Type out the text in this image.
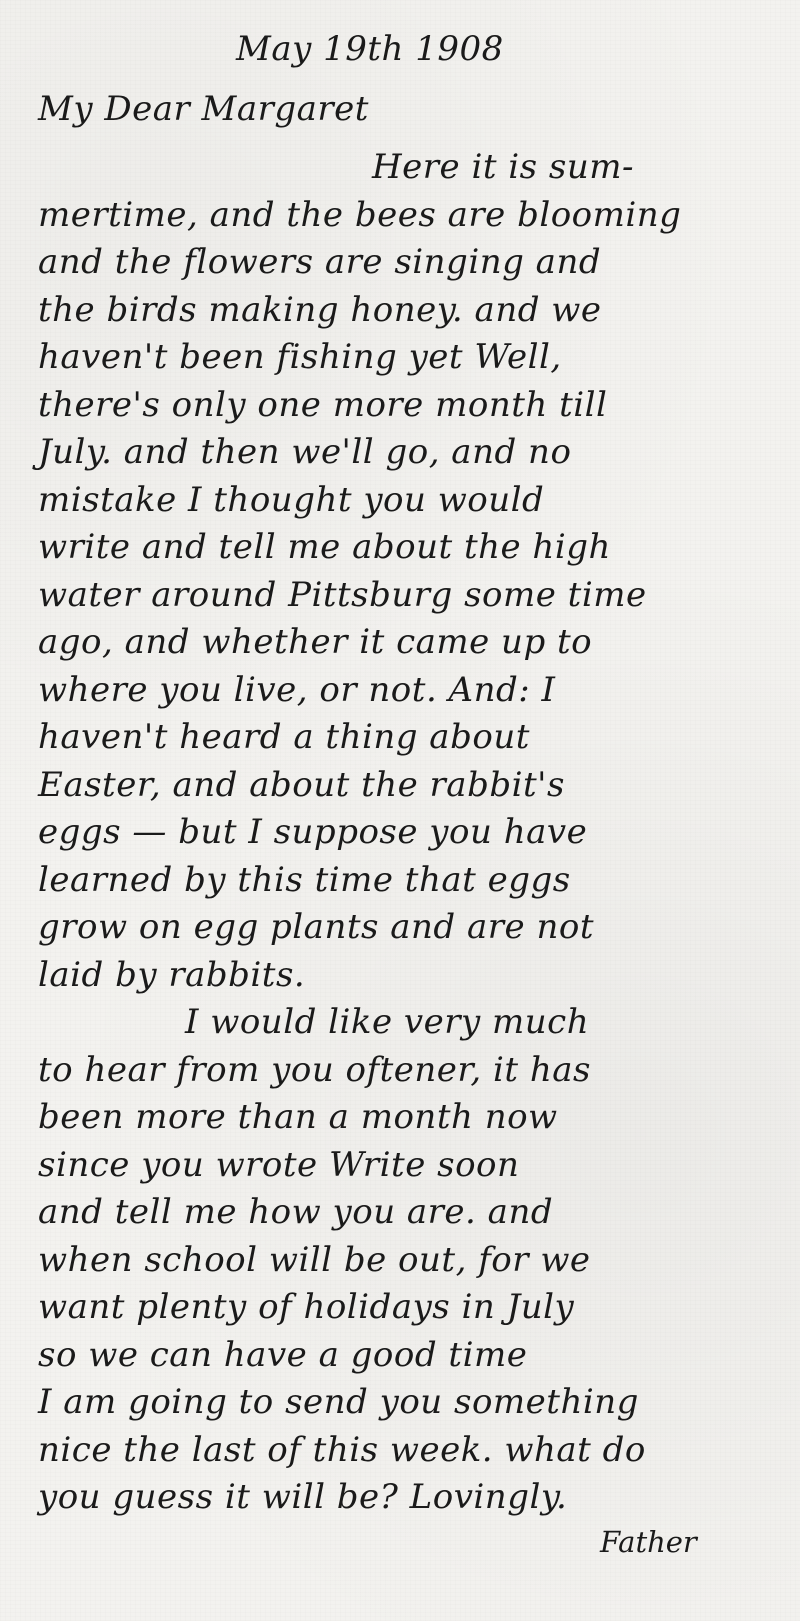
May 19th 1908
My Dear Margaret
Here it is sum-
mertime, and the bees are blooming
and the flowers are singing and
the birds making honey. and we
haven't been fishing yet Well,
there's only one more month till
July. and then we'll go, and no
mistake I thought you would
write and tell me about the high
water around Pittsburg some time
ago, and whether it came up to
where you live, or not. And: I
haven't heard a thing about
Easter, and about the rabbit's
eggs — but I suppose you have
learned by this time that eggs
grow on egg plants and are not
laid by rabbits.
I would like very much
to hear from you oftener, it has
been more than a month now
since you wrote Write soon
and tell me how you are. and
when school will be out, for we
want plenty of holidays in July
so we can have a good time
I am going to send you something
nice the last of this week. what do
you guess it will be? Lovingly.
Father
